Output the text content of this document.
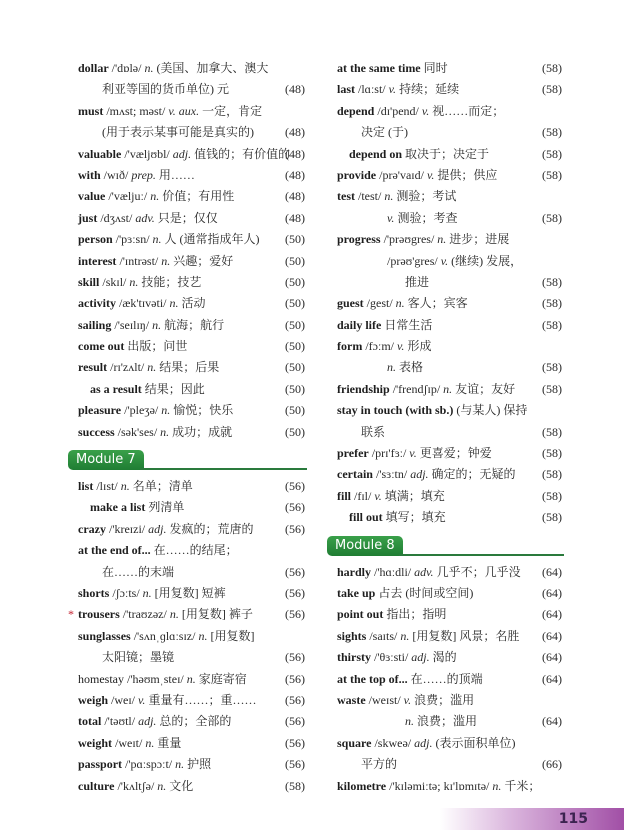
dollar /'dɒlə/ n. (美国、加拿大、澳大
利亚等国的货币单位) 元	(48)
must /mʌst; məst/ v. aux. 一定，肯定
(用于表示某事可能是真实的)	(48)
valuable /'væljʊbl/ adj. 值钱的；有价值的
(48)
with /wɪð/ prep. 用……	(48)
value /'væljuː/ n. 价值；有用性	(48)
just /dʒʌst/ adv. 只是；仅仅	(48)
person /'pɜːsn/ n. 人 (通常指成年人) (50)
interest /'ɪntrəst/ n. 兴趣；爱好	(50)
skill /skɪl/ n. 技能；技艺	(50)
activity /æk'tɪvəti/ n. 活动	(50)
sailing /'seɪlɪŋ/ n. 航海；航行	(50)
come out 出版；问世	(50)
result /rɪ'zʌlt/ n. 结果；后果	(50)
as a result 结果；因此	(50)
pleasure /'pleʒə/ n. 愉悦；快乐	(50)
success /sək'ses/ n. 成功；成就	(50)
Module 7
list /lɪst/ n. 名单；清单	(56)
make a list 列清单	(56)
crazy /'kreɪzi/ adj. 发疯的；荒唐的	(56)
at the end of... 在……的结尾；
在……的末端	(56)
shorts /ʃɔːts/ n. [用复数] 短裤	(56)
* trousers /'traʊzəz/ n. [用复数] 裤子	(56)
sunglasses /'sʌnˌɡlɑːsɪz/ n. [用复数]
太阳镜；墨镜	(56)
homestay /'həʊmˌsteɪ/ n. 家庭寄宿	(56)
weigh /weɪ/ v. 重量有……；重…… (56)
total /'təʊtl/ adj. 总的；全部的	(56)
weight /weɪt/ n. 重量	(56)
passport /'pɑːspɔːt/ n. 护照	(56)
culture /'kʌltʃə/ n. 文化	(58)
at the same time 同时	(58)
last /lɑːst/ v. 持续；延续	(58)
depend /dɪ'pend/ v. 视……而定；
决定 (于)	(58)
depend on 取决于；决定于	(58)
provide /prə'vaɪd/ v. 提供；供应	(58)
test /test/ n. 测验；考试
v. 测验；考查	(58)
progress /'prəʊgres/ n. 进步；进展
/prəʊ'gres/ v. (继续) 发展，
推进	(58)
guest /gest/ n. 客人；宾客	(58)
daily life 日常生活	(58)
form /fɔːm/ v. 形成
n. 表格	(58)
friendship /'frendʃɪp/ n. 友谊；友好 (58)
stay in touch (with sb.) (与某人) 保持
联系	(58)
prefer /prɪ'fɜː/ v. 更喜爱；钟爱	(58)
certain /'sɜːtn/ adj. 确定的；无疑的 (58)
fill /fɪl/ v. 填满；填充	(58)
fill out 填写；填充	(58)
Module 8
hardly /'hɑːdli/ adv. 几乎不；几乎没 (64)
take up 占去 (时间或空间)	(64)
point out 指出；指明	(64)
sights /saɪts/ n. [用复数] 风景；名胜 (64)
thirsty /'θɜːsti/ adj. 渴的	(64)
at the top of... 在……的顶端	(64)
waste /weɪst/ v. 浪费；滥用
n. 浪费；滥用	(64)
square /skweə/ adj. (表示面积单位)
平方的	(66)
kilometre /'kɪləmiːtə; kɪ'lɒmɪtə/ n. 千米；
115
